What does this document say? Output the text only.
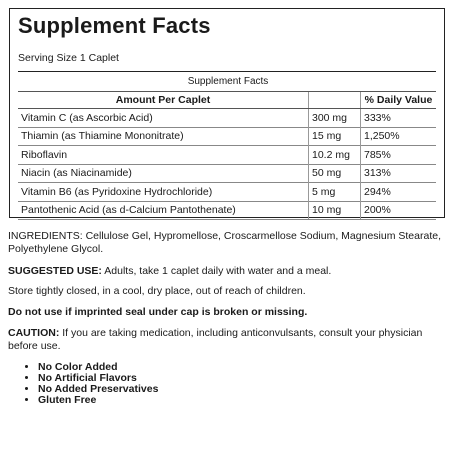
Supplement Facts
Serving Size 1 Caplet
Supplement Facts
Amount Per Caplet		% Daily Value
Vitamin C (as Ascorbic Acid)	300 mg	333%
Thiamin (as Thiamine Mononitrate)	15 mg	1,250%
Riboflavin	10.2 mg	785%
Niacin (as Niacinamide)	50 mg	313%
Vitamin B6 (as Pyridoxine Hydrochloride)	5 mg	294%
Pantothenic Acid (as d-Calcium Pantothenate)	10 mg	200%
INGREDIENTS: Cellulose Gel, Hypromellose, Croscarmellose Sodium, Magnesium Stearate, Polyethylene Glycol.
SUGGESTED USE: Adults, take 1 caplet daily with water and a meal.
Store tightly closed, in a cool, dry place, out of reach of children.
Do not use if imprinted seal under cap is broken or missing.
CAUTION: If you are taking medication, including anticonvulsants, consult your physician before use.
• No Color Added
• No Artificial Flavors
• No Added Preservatives
• Gluten Free
